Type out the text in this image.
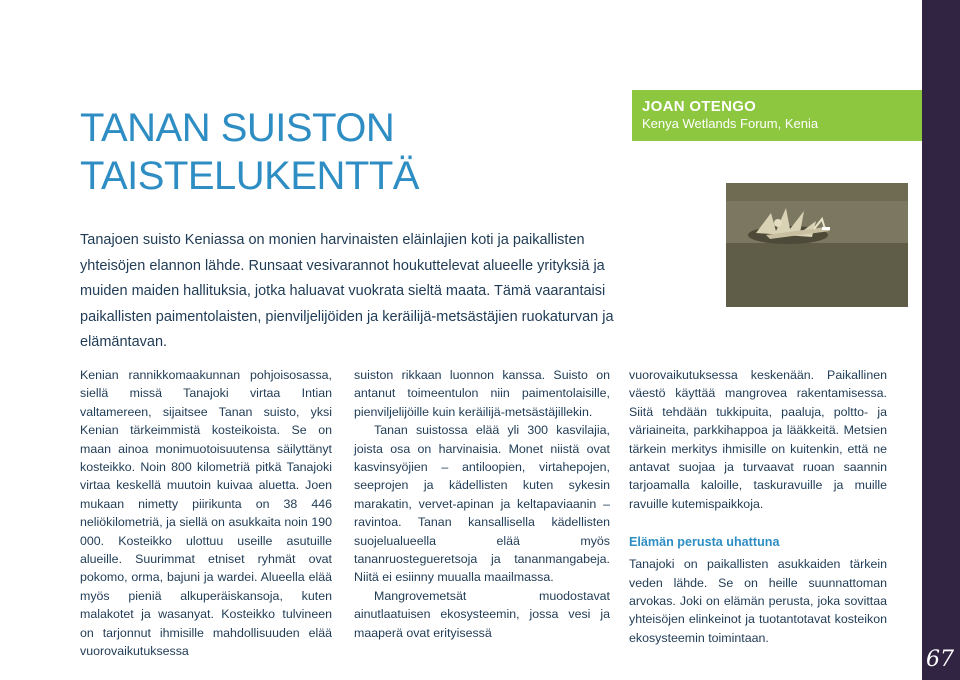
67
TANAN SUISTON
TAISTELUKENTTÄ
JOAN OTENGO
Kenya Wetlands Forum, Kenia

Tanajoen suisto Keniassa on monien harvinaisten eläinlajien koti ja paikallisten yhteisöjen elannon lähde. Runsaat vesivarannot houkuttelevat alueelle yrityksiä ja muiden maiden hallituksia, jotka haluavat vuokrata sieltä maata. Tämä vaarantaisi paikallisten paimentolaisten, pienviljelijöiden ja keräilijä-metsästäjien ruokaturvan ja elämäntavan.

Kenian rannikkomaakunnan pohjoisosassa, siellä missä Tanajoki virtaa Intian valtamereen, sijaitsee Tanan suisto, yksi Kenian tärkeimmistä kosteikoista. Se on maan ainoa monimuotoisuutensa säilyttänyt kosteikko. Noin 800 kilometriä pitkä Tanajoki virtaa keskellä muutoin kuivaa aluetta. Joen mukaan nimetty piirikunta on 38 446 neliökilometriä, ja siellä on asukkaita noin 190 000. Kosteikko ulottuu useille asutuille alueille. Suurimmat etniset ryhmät ovat pokomo, orma, bajuni ja wardei. Alueella elää myös pieniä alkuperäiskansoja, kuten malakotet ja wasanyat. Kosteikko tulvineen on tarjonnut ihmisille mahdollisuuden elää vuorovaikutuksessa

suiston rikkaan luonnon kanssa. Suisto on antanut toimeentulon niin paimentolaisille, pienviljelijöille kuin keräilijä-metsästäjillekin.

Tanan suistossa elää yli 300 kasvilajia, joista osa on harvinaisia. Monet niistä ovat kasvinsyöjien – antiloopien, virtahepojen, seeprojen ja kädellisten kuten sykesin marakatin, vervet-apinan ja keltapaviaanin – ravintoa. Tanan kansallisella kädellisten suojelualueella elää myös tananruostegueretsoja ja tananmangabeja. Niitä ei esiinny muualla maailmassa.

Mangrovemetsät muodostavat ainutlaatuisen ekosysteemin, jossa vesi ja maaperä ovat erityisessä

vuorovaikutuksessa keskenään. Paikallinen väestö käyttää mangrovea rakentamisessa. Siitä tehdään tukkipuita, paaluja, poltto- ja väriaineita, parkkihappoa ja lääkkeitä. Metsien tärkein merkitys ihmisille on kuitenkin, että ne antavat suojaa ja turvaavat ruoan saannin tarjoamalla kaloille, taskuravuille ja muille ravuille kutemispaikkoja.

Elämän perusta uhattuna

Tanajoki on paikallisten asukkaiden tärkein veden lähde. Se on heille suunnattoman arvokas. Joki on elämän perusta, joka sovittaa yhteisöjen elinkeinot ja tuotantotavat kosteikon ekosysteemin toimintaan.
